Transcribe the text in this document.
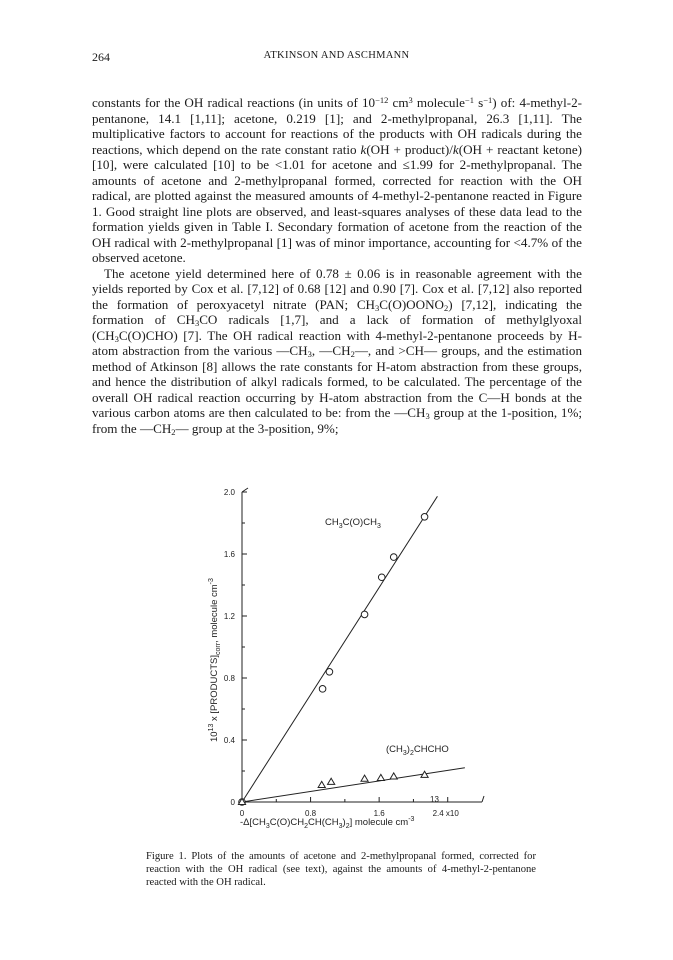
264	ATKINSON AND ASCHMANN

constants for the OH radical reactions (in units of $10^{-12}$ $cm^3$ molecule$^{-1}$ $s^{-1}$) of: 4-methyl-2-pentanone, 14.1 [1,11]; acetone, 0.219 [1]; and 2-methylpropanal, 26.3 [1,11]. The multiplicative factors to account for reactions of the products with OH radicals during the reactions, which depend on the rate constant ratio k(OH + product)/k(OH + reactant ketone) [10], were calculated [10] to be <1.01 for acetone and ≤1.99 for 2-methylpropanal. The amounts of acetone and 2-methylpropanal formed, corrected for reaction with the OH radical, are plotted against the measured amounts of 4-methyl-2-pentanone reacted in Figure 1. Good straight line plots are observed, and least-squares analyses of these data lead to the formation yields given in Table I. Secondary formation of acetone from the reaction of the OH radical with 2-methylpropanal [1] was of minor importance, accounting for <4.7% of the observed acetone.

The acetone yield determined here of 0.78 ± 0.06 is in reasonable agreement with the yields reported by Cox et al. [7,12] of 0.68 [12] and 0.90 [7]. Cox et al. [7,12] also reported the formation of peroxyacetyl nitrate (PAN; $CH_3C(O)OONO_2$) [7,12], indicating the formation of $CH_3CO$ radicals [1,7], and a lack of formation of methylglyoxal $(CH_3C(O)CHO)$ [7]. The OH radical reaction with 4-methyl-2-pentanone proceeds by H-atom abstraction from the various $—CH_3$, $—CH_2—$, and >CH— groups, and the estimation method of Atkinson [8] allows the rate constants for H-atom abstraction from these groups, and hence the distribution of alkyl radicals formed, to be calculated. The percentage of the overall OH radical reaction occurring by H-atom abstraction from the C—H bonds at the various carbon atoms are then calculated to be: from the $—CH_3$ group at the 1-position, 1%; from the $—CH_2—$ group at the 3-position, 9%;

0
0.4
0.8
1.2
1.6
2.0
0	0.8	1.6	2.4 x10
$CH_3C(O)CH_3$
$(CH_3)_2CHCHO$
13
$-\Delta[CH_3C(O)CH_2CH(CH_3)_2]$ molecule $cm^{-3}$
$10^{13}$ x $[PRODUCTS]_{corr}$, molecule $cm^{-3}$
Figure 1. Plots of the amounts of acetone and 2-methylpropanal formed, corrected for reaction with the OH radical (see text), against the amounts of 4-methyl-2-pentanone reacted with the OH radical.
